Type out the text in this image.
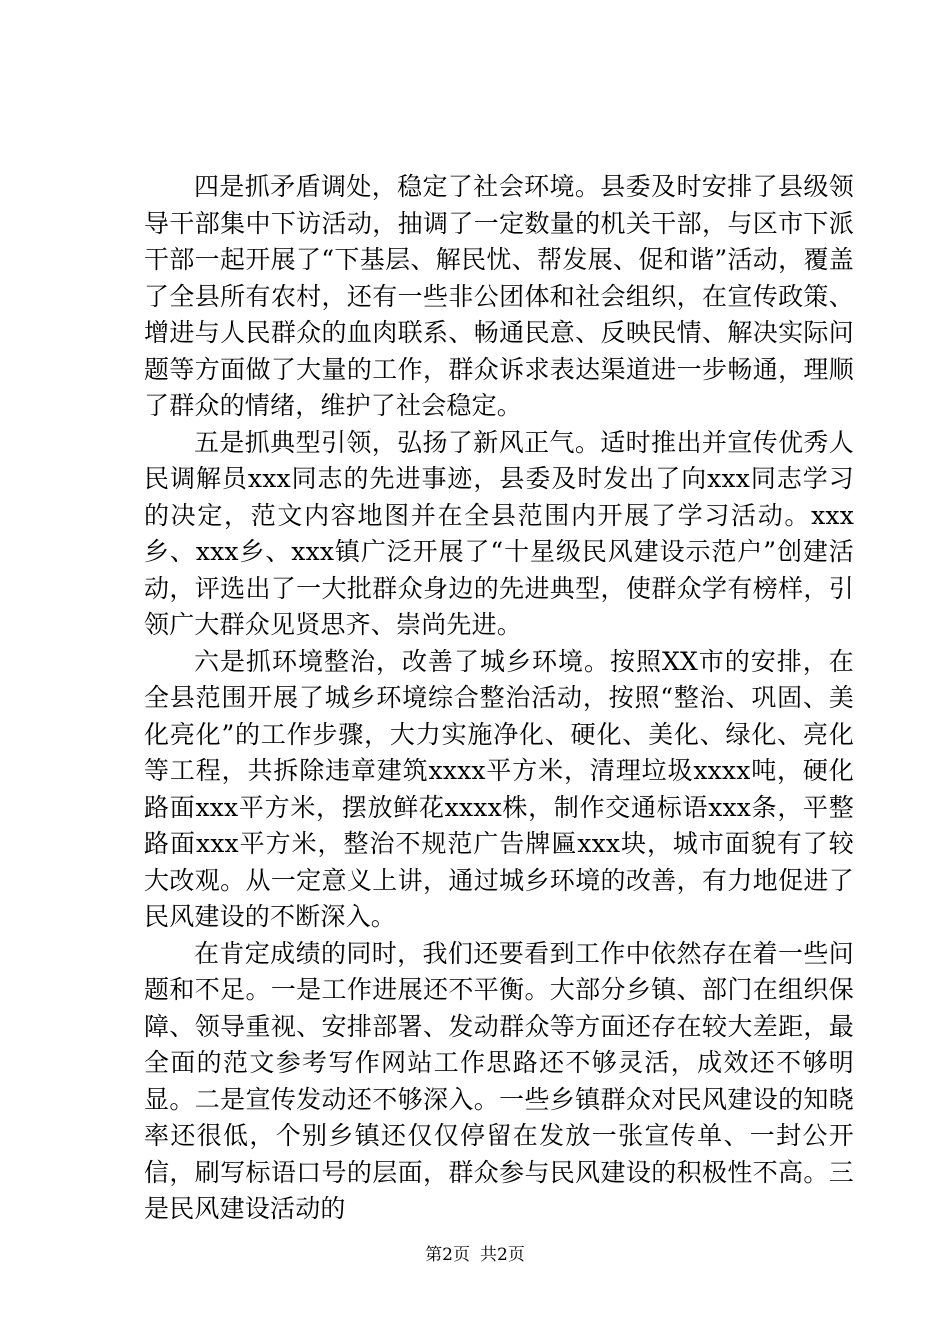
四是抓矛盾调处，稳定了社会环境。县委及时安排了县级领导干部集中下访活动，抽调了一定数量的机关干部，与区市下派干部一起开展了“下基层、解民忧、帮发展、促和谐”活动，覆盖了全县所有农村，还有一些非公团体和社会组织，在宣传政策、增进与人民群众的血肉联系、畅通民意、反映民情、解决实际问题等方面做了大量的工作，群众诉求表达渠道进一步畅通，理顺了群众的情绪，维护了社会稳定。

五是抓典型引领，弘扬了新风正气。适时推出并宣传优秀人民调解员xxx同志的先进事迹，县委及时发出了向xxx同志学习的决定，范文内容地图并在全县范围内开展了学习活动。xxx乡、xxx乡、xxx镇广泛开展了“十星级民风建设示范户”创建活动，评选出了一大批群众身边的先进典型，使群众学有榜样，引领广大群众见贤思齐、崇尚先进。

六是抓环境整治，改善了城乡环境。按照XX市的安排，在全县范围开展了城乡环境综合整治活动，按照“整治、巩固、美化亮化”的工作步骤，大力实施净化、硬化、美化、绿化、亮化等工程，共拆除违章建筑xxxx平方米，清理垃圾xxxx吨，硬化路面xxx平方米，摆放鲜花xxxx株，制作交通标语xxx条，平整路面xxx平方米，整治不规范广告牌匾xxx块，城市面貌有了较大改观。从一定意义上讲，通过城乡环境的改善，有力地促进了民风建设的不断深入。

在肯定成绩的同时，我们还要看到工作中依然存在着一些问题和不足。一是工作进展还不平衡。大部分乡镇、部门在组织保障、领导重视、安排部署、发动群众等方面还存在较大差距，最全面的范文参考写作网站工作思路还不够灵活，成效还不够明显。二是宣传发动还不够深入。一些乡镇群众对民风建设的知晓率还很低，个别乡镇还仅仅停留在发放一张宣传单、一封公开信，刷写标语口号的层面，群众参与民风建设的积极性不高。三是民风建设活动的

第2页 共2页
